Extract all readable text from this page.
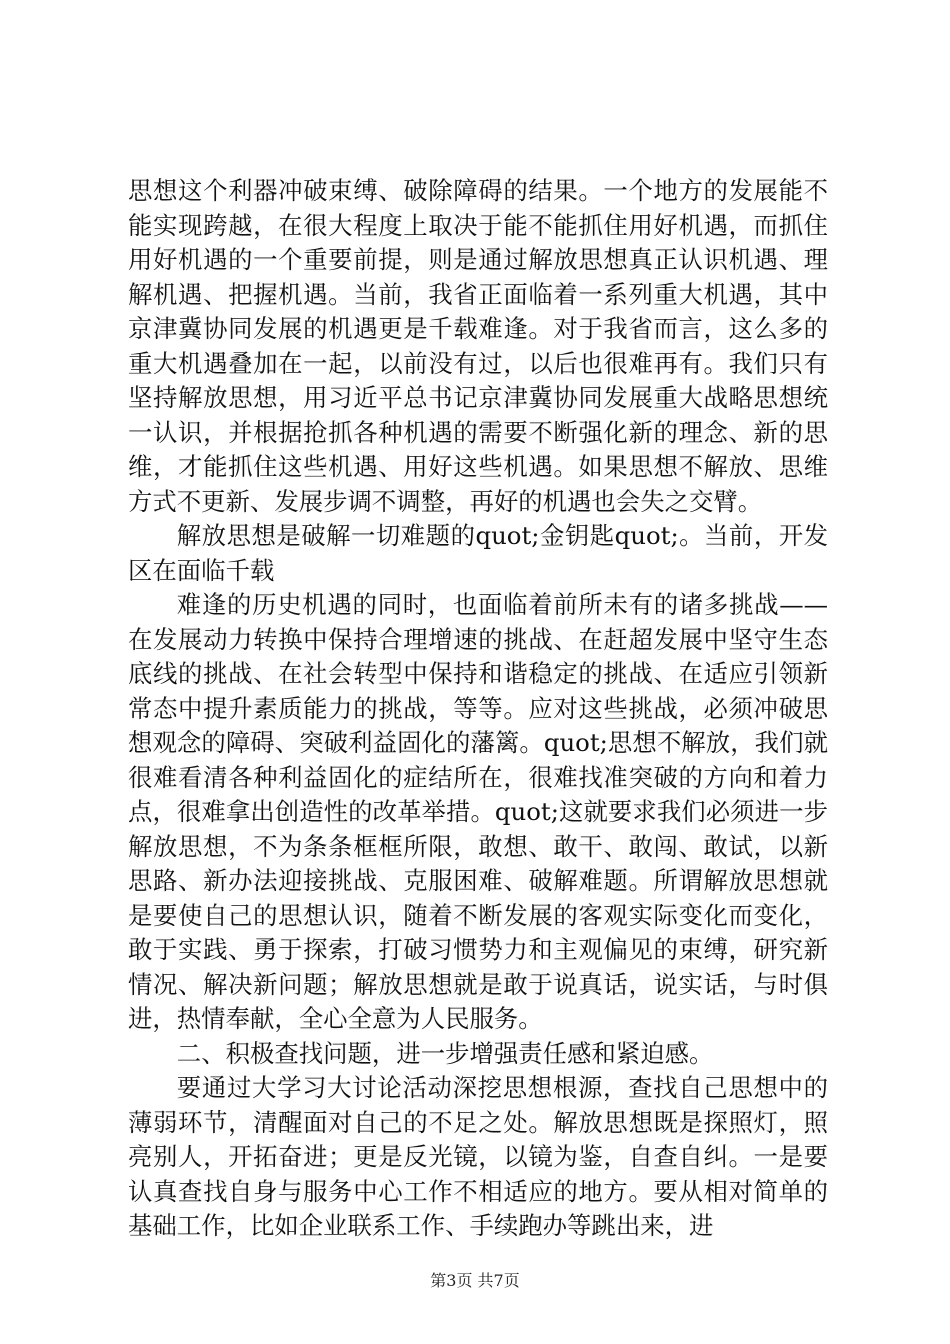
思想这个利器冲破束缚、破除障碍的结果。一个地方的发展能不能实现跨越，在很大程度上取决于能不能抓住用好机遇，而抓住用好机遇的一个重要前提，则是通过解放思想真正认识机遇、理解机遇、把握机遇。当前，我省正面临着一系列重大机遇，其中京津冀协同发展的机遇更是千载难逢。对于我省而言，这么多的重大机遇叠加在一起，以前没有过，以后也很难再有。我们只有坚持解放思想，用习近平总书记京津冀协同发展重大战略思想统一认识，并根据抢抓各种机遇的需要不断强化新的理念、新的思维，才能抓住这些机遇、用好这些机遇。如果思想不解放、思维方式不更新、发展步调不调整，再好的机遇也会失之交臂。

解放思想是破解一切难题的quot;金钥匙quot;。当前，开发区在面临千载

难逢的历史机遇的同时，也面临着前所未有的诸多挑战——在发展动力转换中保持合理增速的挑战、在赶超发展中坚守生态底线的挑战、在社会转型中保持和谐稳定的挑战、在适应引领新常态中提升素质能力的挑战，等等。应对这些挑战，必须冲破思想观念的障碍、突破利益固化的藩篱。quot;思想不解放，我们就很难看清各种利益固化的症结所在，很难找准突破的方向和着力点，很难拿出创造性的改革举措。quot;这就要求我们必须进一步解放思想，不为条条框框所限，敢想、敢干、敢闯、敢试，以新思路、新办法迎接挑战、克服困难、破解难题。所谓解放思想就是要使自己的思想认识，随着不断发展的客观实际变化而变化，敢于实践、勇于探索，打破习惯势力和主观偏见的束缚，研究新情况、解决新问题；解放思想就是敢于说真话，说实话，与时俱进，热情奉献，全心全意为人民服务。

二、积极查找问题，进一步增强责任感和紧迫感。

要通过大学习大讨论活动深挖思想根源，查找自己思想中的薄弱环节，清醒面对自己的不足之处。解放思想既是探照灯，照亮别人，开拓奋进；更是反光镜，以镜为鉴，自查自纠。一是要认真查找自身与服务中心工作不相适应的地方。要从相对简单的基础工作，比如企业联系工作、手续跑办等跳出来，进

第3页 共7页
